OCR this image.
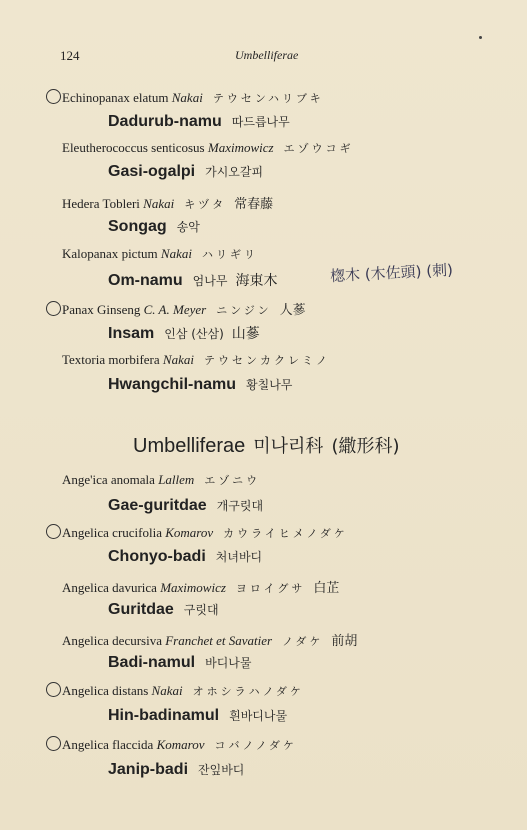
124	Umbelliferae
Echinopanax elatum Nakai テウセンハリブキ
Dadurub-namu 따드릅나무
Eleutherococcus senticosus Maximowicz エゾウコギ
Gasi-ogalpi 가시오갈피
Hedera Tobleri Nakai キヅタ 常春藤
Songag 송악
Kalopanax pictum Nakai ハリギリ
Om-namu 엄나무 海東木	楤木 (木佐頭) (刺)
Panax Ginseng C. A. Meyer ニンジン 人蔘
Insam 인삼 (산삼) 山蔘
Textoria morbifera Nakai テウセンカクレミノ
Hwangchil-namu 황칠나무
Umbelliferae 미나리科 (繖形科)
Ange'ica anomala Lallem エゾニウ
Gae-guritdae 개구릿대
Angelica crucifolia Komarov カウライヒメノダケ
Chonyo-badi 처녀바디
Angelica davurica Maximowicz ヨロイグサ 白芷
Guritdae 구릿대
Angelica decursiva Franchet et Savatier ノダケ 前胡
Badi-namul 바디나물
Angelica distans Nakai オホシラハノダケ
Hin-badinamul 흰바디나물
Angelica flaccida Komarov コバノノダケ
Janip-badi 잔잎바디
